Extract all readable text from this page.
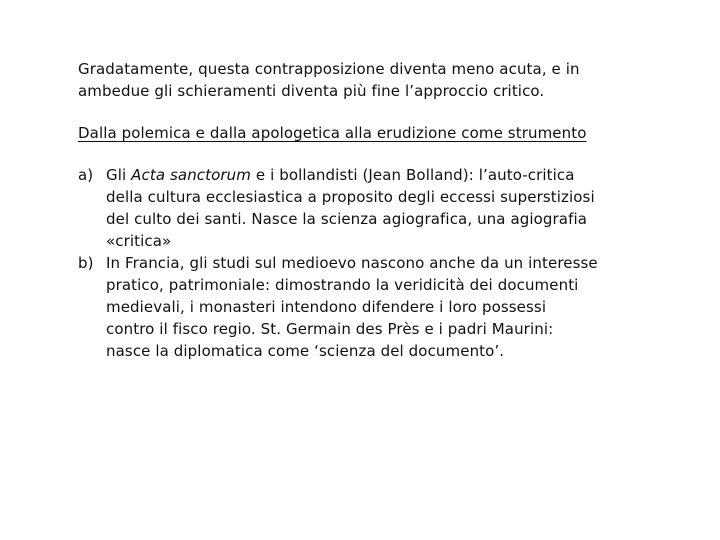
Gradatamente, questa contrapposizione diventa meno acuta, e in ambedue gli schieramenti diventa più fine l’approccio critico.

Dalla polemica e dalla apologetica alla erudizione come strumento

a) Gli Acta sanctorum e i bollandisti (Jean Bolland): l’auto-critica della cultura ecclesiastica a proposito degli eccessi superstiziosi del culto dei santi. Nasce la scienza agiografica, una agiografia «critica»
b) In Francia, gli studi sul medioevo nascono anche da un interesse pratico, patrimoniale: dimostrando la veridicità dei documenti medievali, i monasteri intendono difendere i loro possessi contro il fisco regio. St. Germain des Près e i padri Maurini: nasce la diplomatica come ‘scienza del documento’.
